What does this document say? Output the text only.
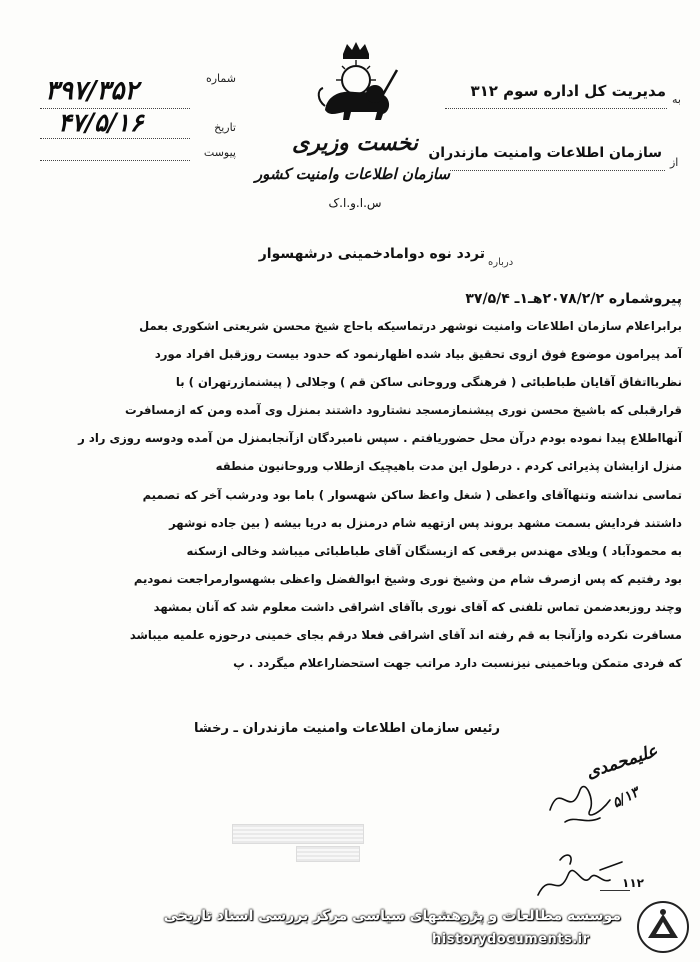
به
مدیریت کل اداره سوم ۳۱۲
از
سازمان اطلاعات وامنیت مازندران
شماره
تاریخ
پیوست
۳۹۷/۳۵۲
۴۷/۵/۱۶
نخست وزیری
سازمان اطلاعات وامنیت کشور
س.ا.و.ا.ک
درباره
تردد نوه دوامادخمینی درشهسوار
پیروشماره ۲۰۷۸/۲/۲ه‍ـ۱ـ ۳۷/۵/۴
برابراعلام سازمان اطلاعات وامنیت نوشهر درتماسیکه باحاج شیخ محسن شریعتی اشکوری بعمل
آمد پیرامون موضوع فوق ازوی تحقیق بیاد شده اظهارنمود که حدود بیست روزقبل افراد مورد
نظربااتفاق آقایان طباطبائی ( فرهنگی وروحانی ساکن قم ) وجلالی ( پیشنمازرتهران ) با
قرارقبلی که باشیخ محسن نوری پیشنمازمسجد نشتارود داشتند بمنزل وی آمده ومن که ازمسافرت
آنهااطلاع پیدا نموده بودم درآن محل حضوریافتم . سپس نامبردگان ازآنجابمنزل من آمده ودوسه روزی راد ر
منزل ازایشان پذیرائی کردم . درطول این مدت باهیچیک ازطلاب وروحانیون منطقه
تماسی نداشته وتنهاآقای واعظی ( شغل واعظ ساکن شهسوار ) باما بود ودرشب آخر که تصمیم
داشتند فردایش بسمت مشهد بروند پس ازتهیه شام درمنزل به دریا بیشه ( بین جاده نوشهر
به محمودآباد ) ویلای مهندس برقعی که ازبستگان آقای طباطبائی میباشد وخالی ازسکنه
بود رفتیم که پس ازصرف شام من وشیخ نوری وشیخ ابوالفضل واعظی بشهسوارمراجعت نمودیم
وچند روزبعدضمن تماس تلفنی که آقای نوری باآقای اشراقی داشت معلوم شد که آنان بمشهد
مسافرت نکرده وازآنجا به قم رفته اند آقای اشراقی فعلا درقم بجای خمینی درحوزه علمیه میباشد
که فردی متمکن وباخمینی نیزنسبت دارد مراتب جهت استحضاراعلام میگردد . پ
رئیس سازمان اطلاعات وامنیت مازندران ـ رخشا
علیمحمدی
۵/۱۳
۱۱۲
موسسه مطالعات و پژوهشهای سیاسی مرکز بررسی اسناد تاریخی
historydocuments.ir
